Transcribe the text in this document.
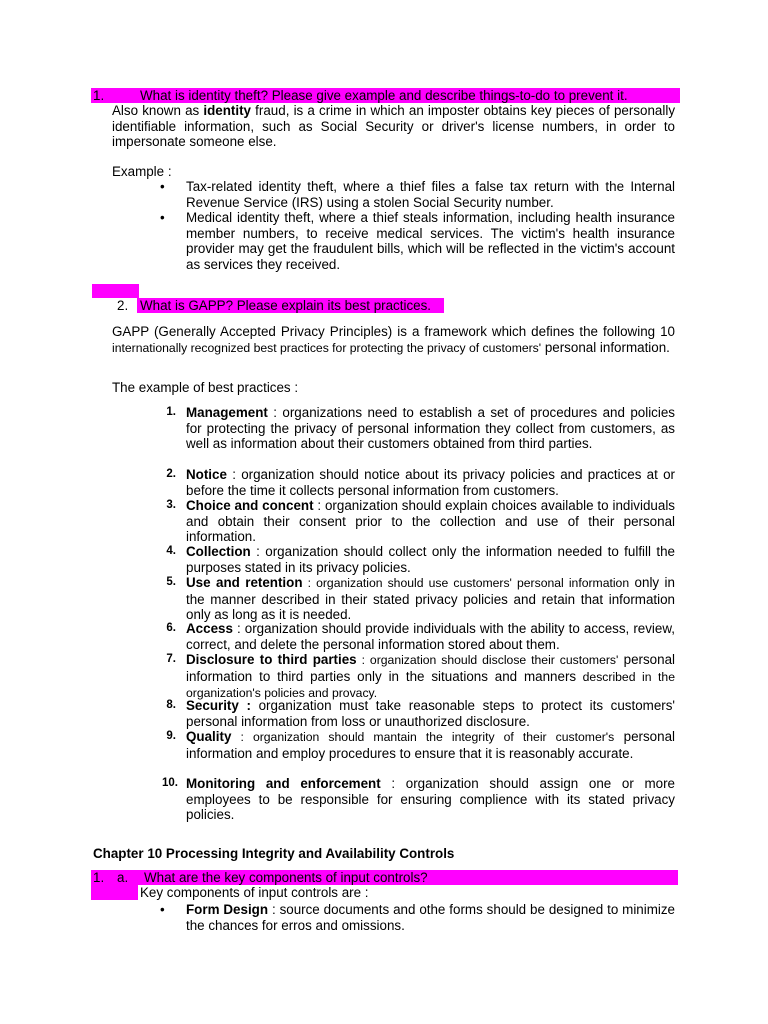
1.	What is identity theft? Please give example and describe things-to-do to prevent it.
Also known as identity fraud, is a crime in which an imposter obtains key pieces of personally identifiable information, such as Social Security or driver's license numbers, in order to impersonate someone else.
Example :
• Tax-related identity theft, where a thief files a false tax return with the Internal Revenue Service (IRS) using a stolen Social Security number.
• Medical identity theft, where a thief steals information, including health insurance member numbers, to receive medical services. The victim's health insurance provider may get the fraudulent bills, which will be reflected in the victim's account as services they received.
2. What is GAPP? Please explain its best practices.
GAPP (Generally Accepted Privacy Principles) is a framework which defines the following 10 internationally recognized best practices for protecting the privacy of customers' personal information.
The example of best practices :
1. Management : organizations need to establish a set of procedures and policies for protecting the privacy of personal information they collect from customers, as well as information about their customers obtained from third parties.
2. Notice : organization should notice about its privacy policies and practices at or before the time it collects personal information from customers.
3. Choice and concent : organization should explain choices available to individuals and obtain their consent prior to the collection and use of their personal information.
4. Collection : organization should collect only the information needed to fulfill the purposes stated in its privacy policies.
5. Use and retention : organization should use customers' personal information only in the manner described in their stated privacy policies and retain that information only as long as it is needed.
6. Access : organization should provide individuals with the ability to access, review, correct, and delete the personal information stored about them.
7. Disclosure to third parties : organization should disclose their customers' personal information to third parties only in the situations and manners described in the organization's policies and provacy.
8. Security : organization must take reasonable steps to protect its customers' personal information from loss or unauthorized disclosure.
9. Quality : organization should mantain the integrity of their customer's personal information and employ procedures to ensure that it is reasonably accurate.
10. Monitoring and enforcement : organization should assign one or more employees to be responsible for ensuring complience with its stated privacy policies.
Chapter 10 Processing Integrity and Availability Controls
1. a. What are the key components of input controls?
Key components of input controls are :
• Form Design : source documents and othe forms should be designed to minimize the chances for erros and omissions.
